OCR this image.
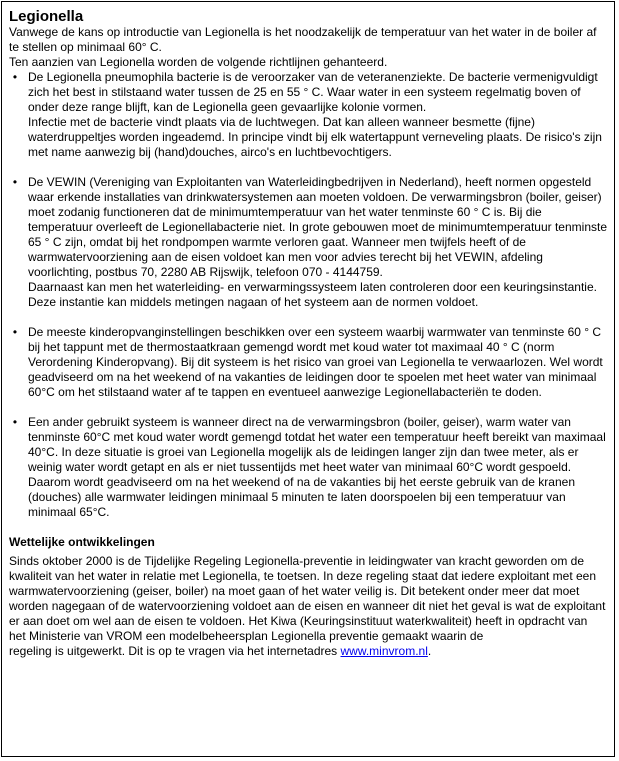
Legionella

Vanwege de kans op introductie van Legionella is het noodzakelijk de temperatuur van het water in de boiler af te stellen op minimaal 60° C.

Ten aanzien van Legionella worden de volgende richtlijnen gehanteerd.

• De Legionella pneumophila bacterie is de veroorzaker van de veteranenziekte. De bacterie vermenigvuldigt zich het best in stilstaand water tussen de 25 en 55 ° C. Waar water in een systeem regelmatig boven of onder deze range blijft, kan de Legionella geen gevaarlijke kolonie vormen.
Infectie met de bacterie vindt plaats via de luchtwegen. Dat kan alleen wanneer besmette (fijne) waterdruppeltjes worden ingeademd. In principe vindt bij elk watertappunt verneveling plaats. De risico's zijn met name aanwezig bij (hand)douches, airco's en luchtbevochtigers.
• De VEWIN (Vereniging van Exploitanten van Waterleidingbedrijven in Nederland), heeft normen opgesteld waar erkende installaties van drinkwatersystemen aan moeten voldoen. De verwarmingsbron (boiler, geiser) moet zodanig functioneren dat de minimumtemperatuur van het water tenminste 60 ° C is. Bij die temperatuur overleeft de Legionellabacterie niet. In grote gebouwen moet de minimumtemperatuur tenminste 65 ° C zijn, omdat bij het rondpompen warmte verloren gaat. Wanneer men twijfels heeft of de warmwatervoorziening aan de eisen voldoet kan men voor advies terecht bij het VEWIN, afdeling voorlichting, postbus 70, 2280 AB Rijswijk, telefoon 070 - 4144759.
Daarnaast kan men het waterleiding- en verwarmingssysteem laten controleren door een keuringsinstantie. Deze instantie kan middels metingen nagaan of het systeem aan de normen voldoet.
• De meeste kinderopvanginstellingen beschikken over een systeem waarbij warmwater van tenminste 60 ° C bij het tappunt met de thermostaatkraan gemengd wordt met koud water tot maximaal 40 ° C (norm Verordening Kinderopvang). Bij dit systeem is het risico van groei van Legionella te verwaarlozen. Wel wordt geadviseerd om na het weekend of na vakanties de leidingen door te spoelen met heet water van minimaal 60°C om het stilstaand water af te tappen en eventueel aanwezige Legionellabacteriën te doden.
• Een ander gebruikt systeem is wanneer direct na de verwarmingsbron (boiler, geiser), warm water van tenminste 60°C met koud water wordt gemengd totdat het water een temperatuur heeft bereikt van maximaal 40°C. In deze situatie is groei van Legionella mogelijk als de leidingen langer zijn dan twee meter, als er weinig water wordt getapt en als er niet tussentijds met heet water van minimaal 60°C wordt gespoeld. Daarom wordt geadviseerd om na het weekend of na de vakanties bij het eerste gebruik van de kranen (douches) alle warmwater leidingen minimaal 5 minuten te laten doorspoelen bij een temperatuur van minimaal 65°C.
Wettelijke ontwikkelingen

Sinds oktober 2000 is de Tijdelijke Regeling Legionella-preventie in leidingwater van kracht geworden om de kwaliteit van het water in relatie met Legionella, te toetsen. In deze regeling staat dat iedere exploitant met een warmwatervoorziening (geiser, boiler) na moet gaan of het water veilig is. Dit betekent onder meer dat moet worden nagegaan of de watervoorziening voldoet aan de eisen en wanneer dit niet het geval is wat de exploitant er aan doet om wel aan de eisen te voldoen. Het Kiwa (Keuringsinstituut waterkwaliteit) heeft in opdracht van het Ministerie van VROM een modelbeheersplan Legionella preventie gemaakt waarin de

regeling is uitgewerkt. Dit is op te vragen via het internetadres www.minvrom.nl.
